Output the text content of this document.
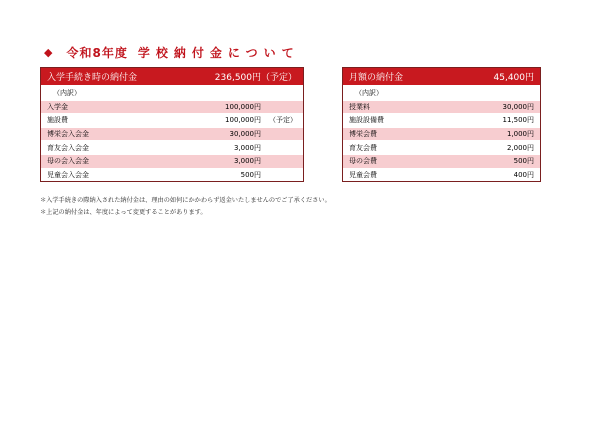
◆ 令和8年度 学校納付金について
入学手続き時の納付金	236,500円（予定）
（内訳）
入学金	100,000円
施設費	100,000円	（予定）
博栄会入会金	30,000円
育友会入会金	3,000円
母の会入会金	3,000円
児童会入会金	500円
月額の納付金	45,400円
（内訳）
授業料	30,000円
施設設備費	11,500円
博栄会費	1,000円
育友会費	2,000円
母の会費	500円
児童会費	400円
＊入学手続きの際納入された納付金は、理由の如何にかかわらず返金いたしませんのでご了承ください。
＊上記の納付金は、年度によって変更することがあります。
